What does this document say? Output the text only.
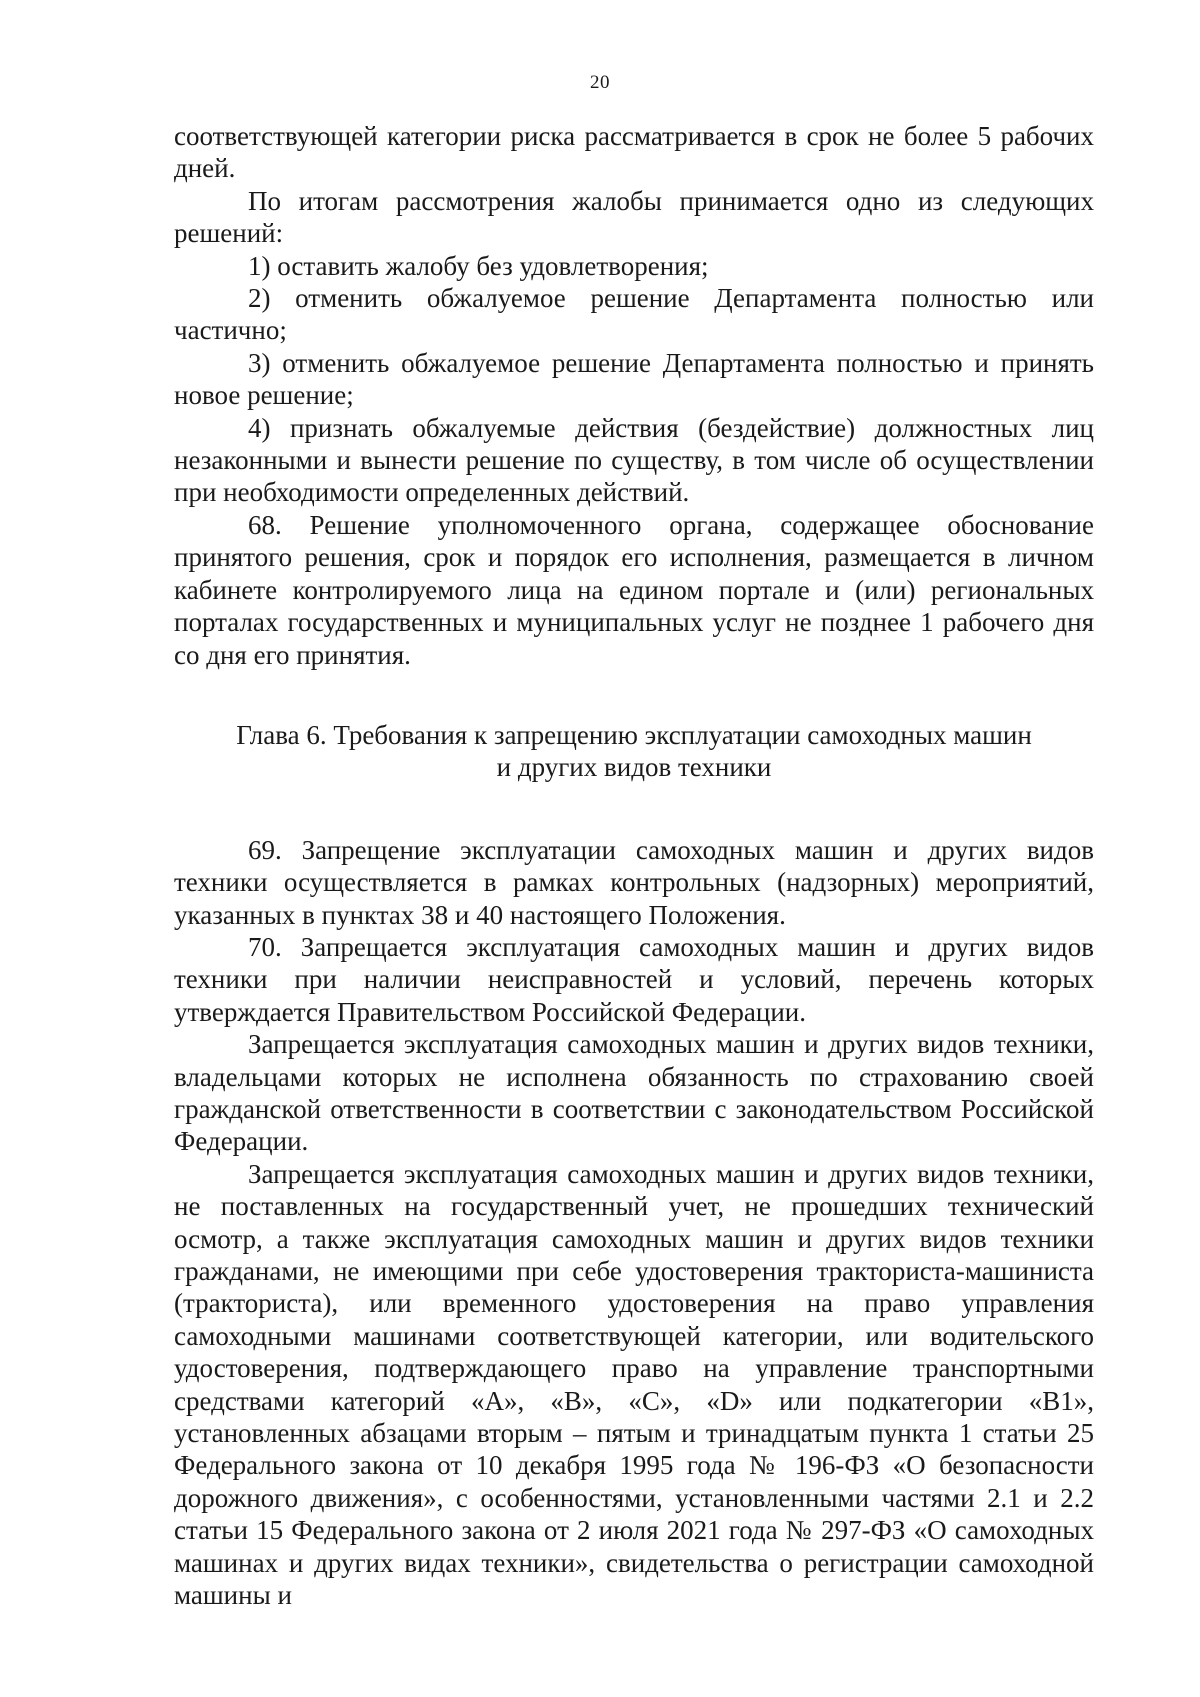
20

соответствующей категории риска рассматривается в срок не более 5 рабочих дней.

По итогам рассмотрения жалобы принимается одно из следующих решений:

1) оставить жалобу без удовлетворения;

2) отменить обжалуемое решение Департамента полностью или частично;

3) отменить обжалуемое решение Департамента полностью и принять новое решение;

4) признать обжалуемые действия (бездействие) должностных лиц незаконными и вынести решение по существу, в том числе об осуществлении при необходимости определенных действий.

68. Решение уполномоченного органа, содержащее обоснование принятого решения, срок и порядок его исполнения, размещается в личном кабинете контролируемого лица на едином портале и (или) региональных порталах государственных и муниципальных услуг не позднее 1 рабочего дня со дня его принятия.

Глава 6. Требования к запрещению эксплуатации самоходных машин
и других видов техники

69. Запрещение эксплуатации самоходных машин и других видов техники осуществляется в рамках контрольных (надзорных) мероприятий, указанных в пунктах 38 и 40 настоящего Положения.

70. Запрещается эксплуатация самоходных машин и других видов техники при наличии неисправностей и условий, перечень которых утверждается Правительством Российской Федерации.

Запрещается эксплуатация самоходных машин и других видов техники, владельцами которых не исполнена обязанность по страхованию своей гражданской ответственности в соответствии с законодательством Российской Федерации.

Запрещается эксплуатация самоходных машин и других видов техники, не поставленных на государственный учет, не прошедших технический осмотр, а также эксплуатация самоходных машин и других видов техники гражданами, не имеющими при себе удостоверения тракториста-машиниста (тракториста), или временного удостоверения на право управления самоходными машинами соответствующей категории, или водительского удостоверения, подтверждающего право на управление транспортными средствами категорий «A», «B», «C», «D» или подкатегории «B1», установленных абзацами вторым – пятым и тринадцатым пункта 1 статьи 25 Федерального закона от 10 декабря 1995 года № 196-ФЗ «О безопасности дорожного движения», с особенностями, установленными частями 2.1 и 2.2 статьи 15 Федерального закона от 2 июля 2021 года № 297-ФЗ «О самоходных машинах и других видах техники», свидетельства о регистрации самоходной машины и
